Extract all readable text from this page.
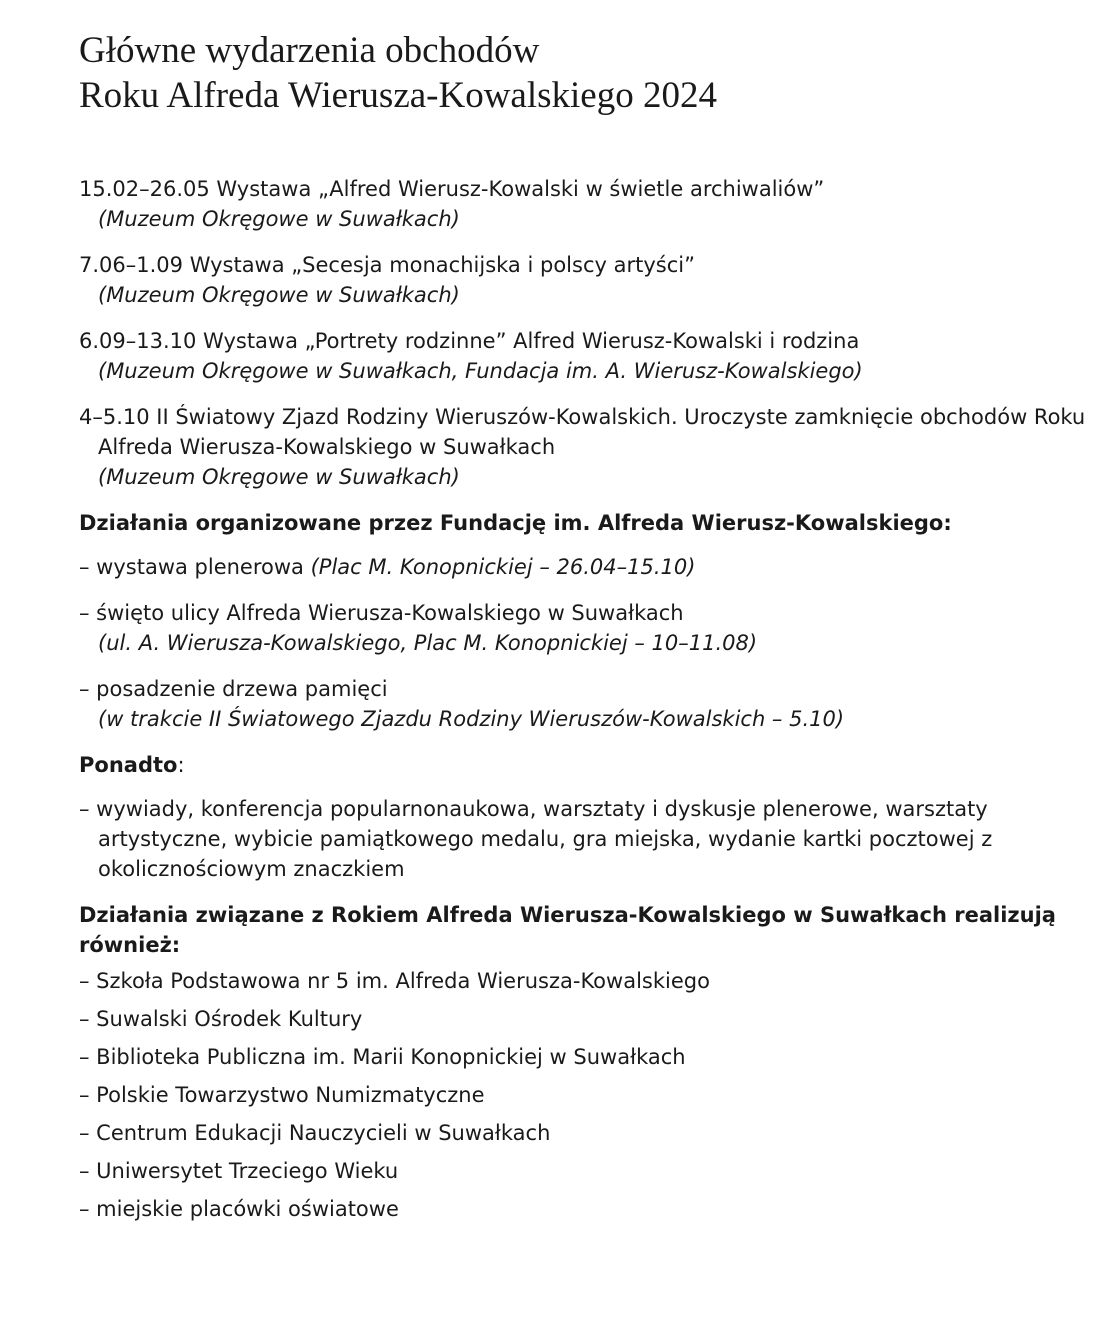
Główne wydarzenia obchodów
Roku Alfreda Wierusza-Kowalskiego 2024
15.02–26.05 Wystawa „Alfred Wierusz-Kowalski w świetle archiwaliów”
(Muzeum Okręgowe w Suwałkach)
7.06–1.09 Wystawa „Secesja monachijska i polscy artyści”
(Muzeum Okręgowe w Suwałkach)
6.09–13.10 Wystawa „Portrety rodzinne” Alfred Wierusz-Kowalski i rodzina
(Muzeum Okręgowe w Suwałkach, Fundacja im. A. Wierusz-Kowalskiego)
4–5.10 II Światowy Zjazd Rodziny Wieruszów-Kowalskich. Uroczyste zamknięcie obchodów Roku Alfreda Wierusza-Kowalskiego w Suwałkach
(Muzeum Okręgowe w Suwałkach)
Działania organizowane przez Fundację im. Alfreda Wierusz-Kowalskiego:
– wystawa plenerowa (Plac M. Konopnickiej – 26.04–15.10)
– święto ulicy Alfreda Wierusza-Kowalskiego w Suwałkach
(ul. A. Wierusza-Kowalskiego, Plac M. Konopnickiej – 10–11.08)
– posadzenie drzewa pamięci
(w trakcie II Światowego Zjazdu Rodziny Wieruszów-Kowalskich – 5.10)
Ponadto:
– wywiady, konferencja popularnonaukowa, warsztaty i dyskusje plenerowe, warsztaty artystyczne, wybicie pamiątkowego medalu, gra miejska, wydanie kartki pocztowej z okolicznościowym znaczkiem
Działania związane z Rokiem Alfreda Wierusza-Kowalskiego w Suwałkach realizują również:
– Szkoła Podstawowa nr 5 im. Alfreda Wierusza-Kowalskiego
– Suwalski Ośrodek Kultury
– Biblioteka Publiczna im. Marii Konopnickiej w Suwałkach
– Polskie Towarzystwo Numizmatyczne
– Centrum Edukacji Nauczycieli w Suwałkach
– Uniwersytet Trzeciego Wieku
– miejskie placówki oświatowe
